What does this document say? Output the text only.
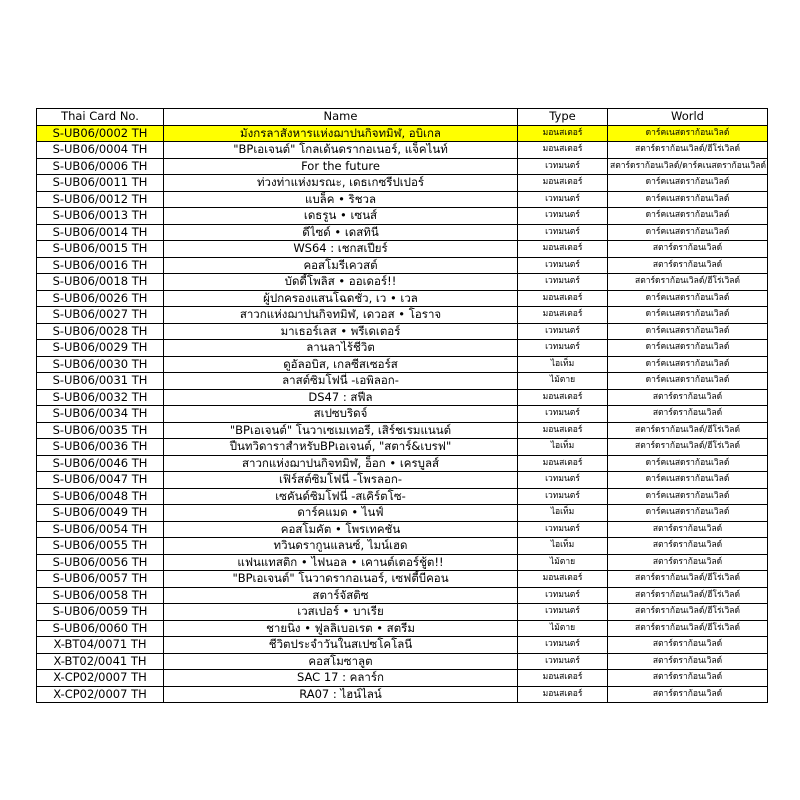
Thai Card No.	Name	Type	World
S-UB06/0002 TH	มังกรลาสังหารแห่งฌาปนกิจทมิฬ, อบิเกล	มอนสเตอร์	ดาร์คเนสดราก้อนเวิลด์
S-UB06/0004 TH	"BPเอเจนต์" โกลเด้นดรากอเนอร์, แจ็คไนท์	มอนสเตอร์	สตาร์ดราก้อนเวิลด์/ฮีโร่เวิลด์
S-UB06/0006 TH	For the future	เวทมนตร์	สตาร์ดราก้อนเวิลด์/ดาร์คเนสดราก้อนเวิลด์
S-UB06/0011 TH	ท่วงท่าแห่งมรณะ, เดธเกซรีปเปอร์	มอนสเตอร์	ดาร์คเนสดราก้อนเวิลด์
S-UB06/0012 TH	แบล็ค • ริชวล	เวทมนตร์	ดาร์คเนสดราก้อนเวิลด์
S-UB06/0013 TH	เดธรูน • เซนส์	เวทมนตร์	ดาร์คเนสดราก้อนเวิลด์
S-UB06/0014 TH	ดีไซด์ • เดสทินี	เวทมนตร์	ดาร์คเนสดราก้อนเวิลด์
S-UB06/0015 TH	WS64 : เชกสเปียร์	มอนสเตอร์	สตาร์ดราก้อนเวิลด์
S-UB06/0016 TH	คอสโมรีเควสต์	เวทมนตร์	สตาร์ดราก้อนเวิลด์
S-UB06/0018 TH	บัดดี้โพลิส • ออเดอร์!!	เวทมนตร์	สตาร์ดราก้อนเวิลด์/ฮีโร่เวิลด์
S-UB06/0026 TH	ผู้ปกครองแสนโฉดชั่ว, เว • เวล	มอนสเตอร์	ดาร์คเนสดราก้อนเวิลด์
S-UB06/0027 TH	สาวกแห่งฌาปนกิจทมิฬ, เดวอส • โอราจ	มอนสเตอร์	ดาร์คเนสดราก้อนเวิลด์
S-UB06/0028 TH	มาเธอร์เลส • พรีเดเตอร์	เวทมนตร์	ดาร์คเนสดราก้อนเวิลด์
S-UB06/0029 TH	ลานลาไร้ชีวิต	เวทมนตร์	ดาร์คเนสดราก้อนเวิลด์
S-UB06/0030 TH	ดูอัลอบิส, เกลซีสเซอร์ส	ไอเท็ม	ดาร์คเนสดราก้อนเวิลด์
S-UB06/0031 TH	ลาสต์ซิมโฟนี่ -เอพิลอก-	ไม้ตาย	ดาร์คเนสดราก้อนเวิลด์
S-UB06/0032 TH	DS47 : สฟีล	มอนสเตอร์	สตาร์ดราก้อนเวิลด์
S-UB06/0034 TH	สเปซบริดจ์	เวทมนตร์	สตาร์ดราก้อนเวิลด์
S-UB06/0035 TH	"BPเอเจนต์" โนวาเซเมเทอรี, เสิร์ชเรมแนนต์	มอนสเตอร์	สตาร์ดราก้อนเวิลด์/ฮีโร่เวิลด์
S-UB06/0036 TH	ปืนทวิดาราสำหรับBPเอเจนต์, "สตาร์&เบรฟ"	ไอเท็ม	สตาร์ดราก้อนเวิลด์/ฮีโร่เวิลด์
S-UB06/0046 TH	สาวกแห่งฌาปนกิจทมิฬ, อ็อก • เครบูลส์	มอนสเตอร์	ดาร์คเนสดราก้อนเวิลด์
S-UB06/0047 TH	เฟิร์สต์ซิมโฟนี่ -โพรลอก-	เวทมนตร์	ดาร์คเนสดราก้อนเวิลด์
S-UB06/0048 TH	เซคันด์ซิมโฟนี่ -สเคิร์ตโซ-	เวทมนตร์	ดาร์คเนสดราก้อนเวิลด์
S-UB06/0049 TH	ดาร์คแมด • ไนฟ์	ไอเท็ม	ดาร์คเนสดราก้อนเวิลด์
S-UB06/0054 TH	คอสโมคัต • โพรเทคชั่น	เวทมนตร์	สตาร์ดราก้อนเวิลด์
S-UB06/0055 TH	ทวินดรากูนแลนซ์, ไมน์เฮด	ไอเท็ม	สตาร์ดราก้อนเวิลด์
S-UB06/0056 TH	แฟนแทสติก • ไฟนอล • เคานต์เตอร์ชู้ต!!	ไม้ตาย	สตาร์ดราก้อนเวิลด์
S-UB06/0057 TH	"BPเอเจนต์" โนวาดรากอเนอร์, เซฟตี้บีคอน	มอนสเตอร์	สตาร์ดราก้อนเวิลด์/ฮีโร่เวิลด์
S-UB06/0058 TH	สตาร์จัสติซ	เวทมนตร์	สตาร์ดราก้อนเวิลด์/ฮีโร่เวิลด์
S-UB06/0059 TH	เวสเปอร์ • บาเรีย	เวทมนตร์	สตาร์ดราก้อนเวิลด์/ฮีโร่เวิลด์
S-UB06/0060 TH	ชายนิ่ง • ฟูลลิเบอเรต • สตรีม	ไม้ตาย	สตาร์ดราก้อนเวิลด์/ฮีโร่เวิลด์
X-BT04/0071 TH	ชีวิตประจำวันในสเปซโคโลนี	เวทมนตร์	สตาร์ดราก้อนเวิลด์
X-BT02/0041 TH	คอสโมซาลูต	เวทมนตร์	สตาร์ดราก้อนเวิลด์
X-CP02/0007 TH	SAC 17 : คลาร์ก	มอนสเตอร์	สตาร์ดราก้อนเวิลด์
X-CP02/0007 TH	RA07 : ไฮน์ไลน์	มอนสเตอร์	สตาร์ดราก้อนเวิลด์
